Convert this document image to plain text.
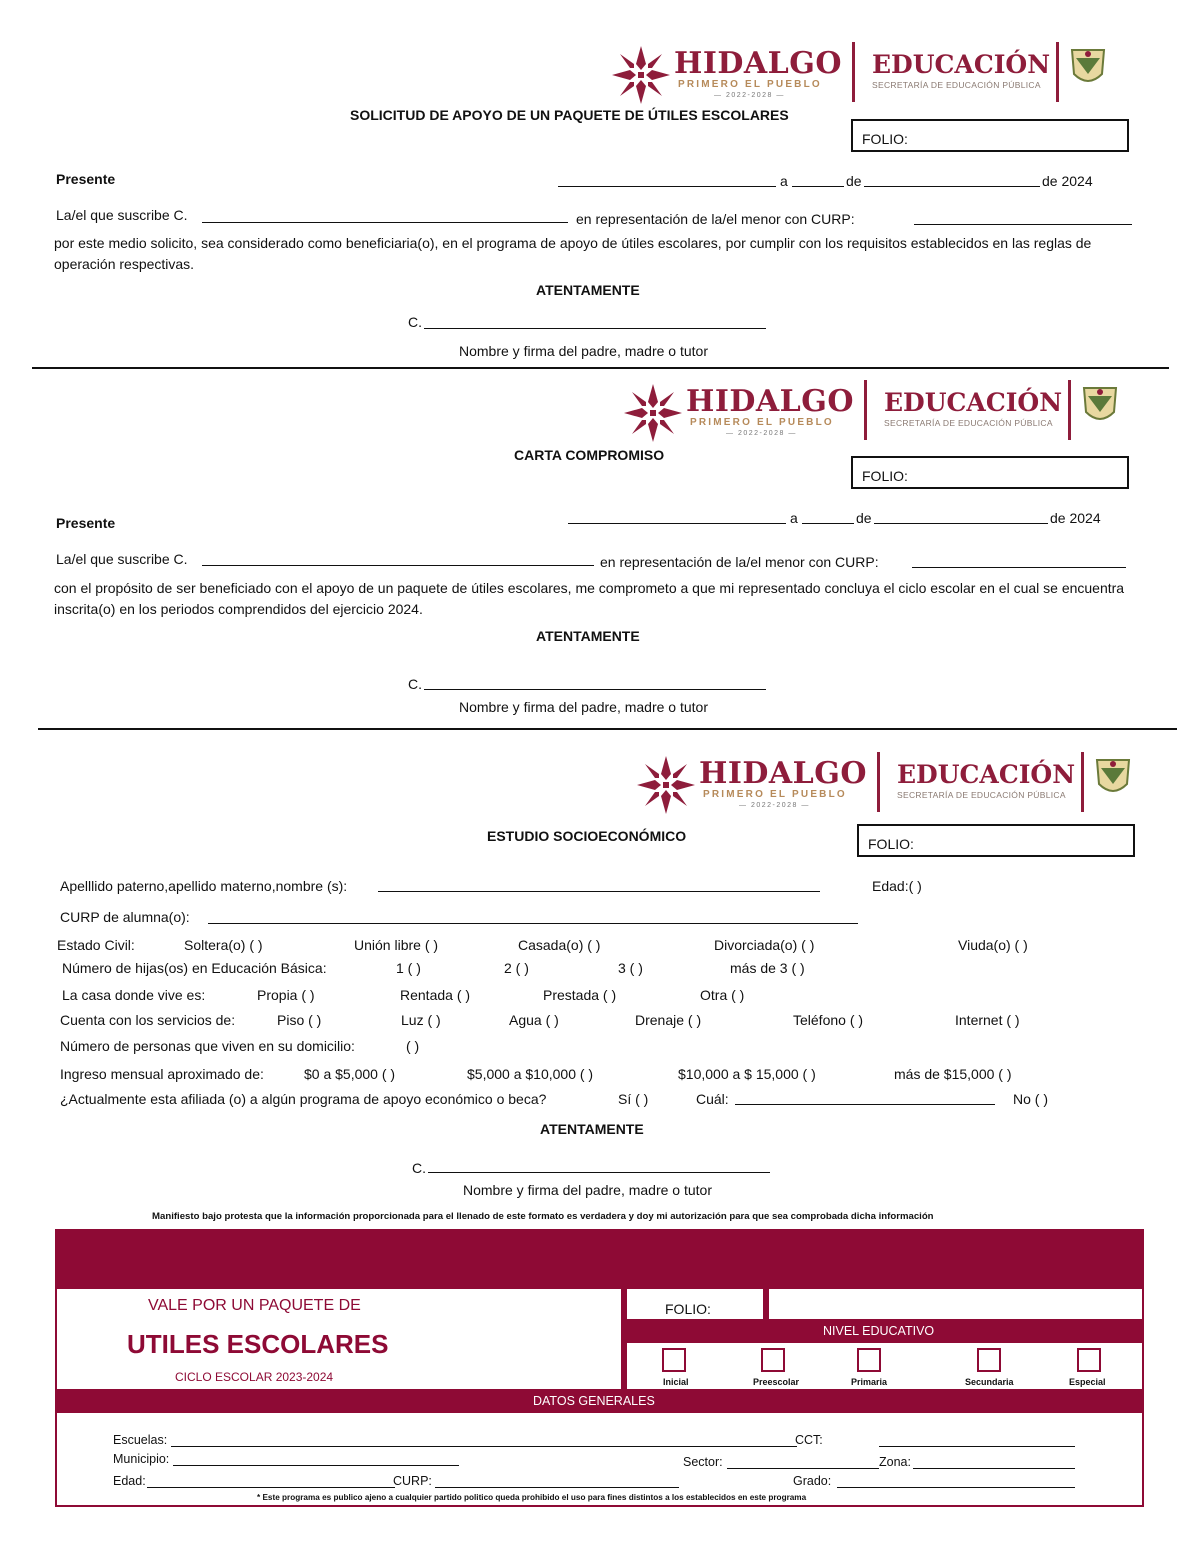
HIDALGO
PRIMERO EL PUEBLO
— 2022-2028 —
EDUCACIÓN
SECRETARÍA DE EDUCACIÓN PÚBLICA
SOLICITUD DE APOYO DE UN PAQUETE DE ÚTILES ESCOLARES
FOLIO:
Presente	a	de	de 2024
La/el que suscribe C.	en representación de la/el menor con CURP:
por este medio solicito, sea considerado como beneficiaria(o), en el programa de apoyo de útiles escolares, por cumplir con los requisitos establecidos en las reglas de operación respectivas.
ATENTAMENTE
C.
Nombre y firma del padre, madre o tutor
HIDALGO
PRIMERO EL PUEBLO
— 2022-2028 —
EDUCACIÓN
SECRETARÍA DE EDUCACIÓN PÚBLICA
CARTA COMPROMISO
FOLIO:
Presente	a	de	de 2024
La/el que suscribe C.	en representación de la/el menor con CURP:
con el propósito de ser beneficiado con el apoyo de un paquete de útiles escolares, me comprometo a que mi representado concluya el ciclo escolar en el cual se encuentra inscrita(o) en los periodos comprendidos del ejercicio 2024.
ATENTAMENTE
C.
Nombre y firma del padre, madre o tutor
HIDALGO
PRIMERO EL PUEBLO
— 2022-2028 —
EDUCACIÓN
SECRETARÍA DE EDUCACIÓN PÚBLICA
ESTUDIO SOCIOECONÓMICO	FOLIO:
Apelllido paterno,apellido materno,nombre (s):	Edad:( )
CURP de alumna(o):
Estado Civil:	Soltera(o) ( )	Unión libre ( )	Casada(o) ( )	Divorciada(o) ( )	Viuda(o) ( )
Número de hijas(os) en Educación Básica:	1 ( )	2 ( )	3 ( )	más de 3 ( )
La casa donde vive es:	Propia ( )	Rentada ( )	Prestada ( )	Otra ( )
Cuenta con los servicios de:	Piso ( )	Luz ( )	Agua ( )	Drenaje ( )	Teléfono ( )	Internet ( )
Número de personas que viven en su domicilio:	( )
Ingreso mensual aproximado de:	$0 a $5,000 ( )	$5,000 a $10,000 ( )	$10,000 a $ 15,000 ( )	más de $15,000 ( )
¿Actualmente esta afiliada (o) a algún programa de apoyo económico o beca?	Sí ( )	Cuál:	No ( )
ATENTAMENTE
C.
Nombre y firma del padre, madre o tutor
Manifiesto bajo protesta que la información proporcionada para el llenado de este formato es verdadera y doy mi autorización para que sea comprobada dicha información
VALE POR UN PAQUETE DE
UTILES ESCOLARES
CICLO ESCOLAR 2023-2024
FOLIO:
NIVEL EDUCATIVO
Inicial	Preescolar	Primaria	Secundaria	Especial
DATOS GENERALES
Escuelas:	CCT:
Municipio:	Sector:	Zona:
Edad:	CURP:	Grado:
* Este programa es publico ajeno a cualquier partido politico queda prohibido el uso para fines distintos a los establecidos en este programa
